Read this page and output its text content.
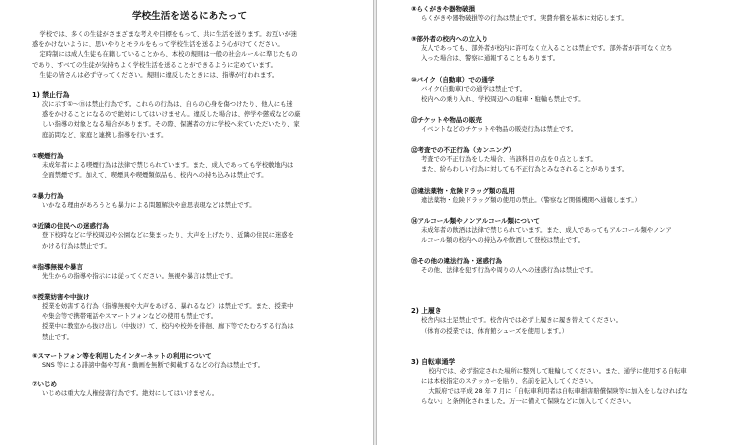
学校生活を送るにあたって

学校では、多くの生徒がさまざまな考えや目標をもって、共に生活を送ります。お互いが迷

惑をかけないように、思いやりとモラルをもって学校生活を送るよう心がけてください。

定時制には成人生徒も在籍していることから、本校の規則は一般の社会ルールに準じたもの

であり、すべての生徒が気持ちよく学校生活を送ることができるように定めています。

生徒の皆さんは必ず守ってください。規則に違反したときには、指導が行われます。

1) 禁止行為

次に示す①～⑮は禁止行為です。これらの行為は、自らの心身を傷つけたり、他人にも迷

惑をかけることになるので絶対にしてはいけません。違反した場合は、停学や懲戒などの厳

しい指導の対象となる場合があります。その際、保護者の方に学校へ来ていただいたり、家

庭訪問など、家庭と連携し指導を行います。

①喫煙行為

未成年者による喫煙行為は法律で禁じられています。また、成人であっても学校敷地内は

全面禁煙です。加えて、喫煙具や喫煙類似品も、校内への持ち込みは禁止です。

②暴力行為

いかなる理由があろうとも暴力による問題解決や意思表現などは禁止です。

③近隣の住民への迷惑行為

登下校時などに学校周辺や公園などに集まったり、大声を上げたり、近隣の住民に迷惑を

かける行為は禁止です。

④指導無視や暴言

先生からの指導や指示には従ってください。無視や暴言は禁止です。

⑤授業妨害や中抜け

授業を妨害する行為（指導無視や大声をあげる、暴れるなど）は禁止です。また、授業中

や集会等で携帯電話やスマートフォンなどの使用も禁止です。

授業中に教室から抜け出し（中抜け）て、校内や校外を徘徊、廊下等でたむろする行為は

禁止です。

⑥スマートフォン等を利用したインターネットの利用について

SNS 等による誹謗中傷や写真・動画を無断で掲載するなどの行為は禁止です。

⑦いじめ

いじめは重大な人権侵害行為です。絶対にしてはいけません。

⑧らくがきや器物破損

らくがきや器物破損等の行為は禁止です。実費弁償を基本に対応します。

⑨部外者の校内への立入り

友人であっても、部外者が校内に許可なく立入ることは禁止です。部外者が許可なく立ち

入った場合は、警察に通報することもあります。

⑩バイク（自動車）での通学

バイク(自動車)での通学は禁止です。

校内への乗り入れ、学校周辺への駐車・駐輪も禁止です。

⑪チケットや物品の販売

イベントなどのチケットや物品の販売行為は禁止です。

⑫考査での不正行為（カンニング）

考査での不正行為をした場合、当該科目の点を０点とします。

また、紛らわしい行為に対しても不正行為とみなされることがあります。

⑬違法薬物・危険ドラッグ類の乱用

違法薬物・危険ドラッグ類の使用の禁止。（警察など関係機関へ通報します。）

⑭アルコール類やノンアルコール類について

未成年者の飲酒は法律で禁じられています。また、成人であってもアルコール類やノンア

ルコール類の校内への持込みや飲酒して登校は禁止です。

⑮その他の違法行為・迷惑行為

その他、法律を犯す行為や周りの人への迷惑行為は禁止です。

2) 上履き

校舎内は土足禁止です。校舎内では必ず上履きに履き替えてください。

（体育の授業では、体育館シューズを使用します。）

3) 自転車通学

校内では、必ず指定された場所に整列して駐輪してください。また、通学に使用する自転車

には本校指定のステッカーを貼り、名前を記入してください。

大阪府では平成 28 年 7 月に「自転車利用者は自転車損害賠償保険等に加入をしなければな

らない」と条例化されました。万一に備えて保険などに加入してください。
